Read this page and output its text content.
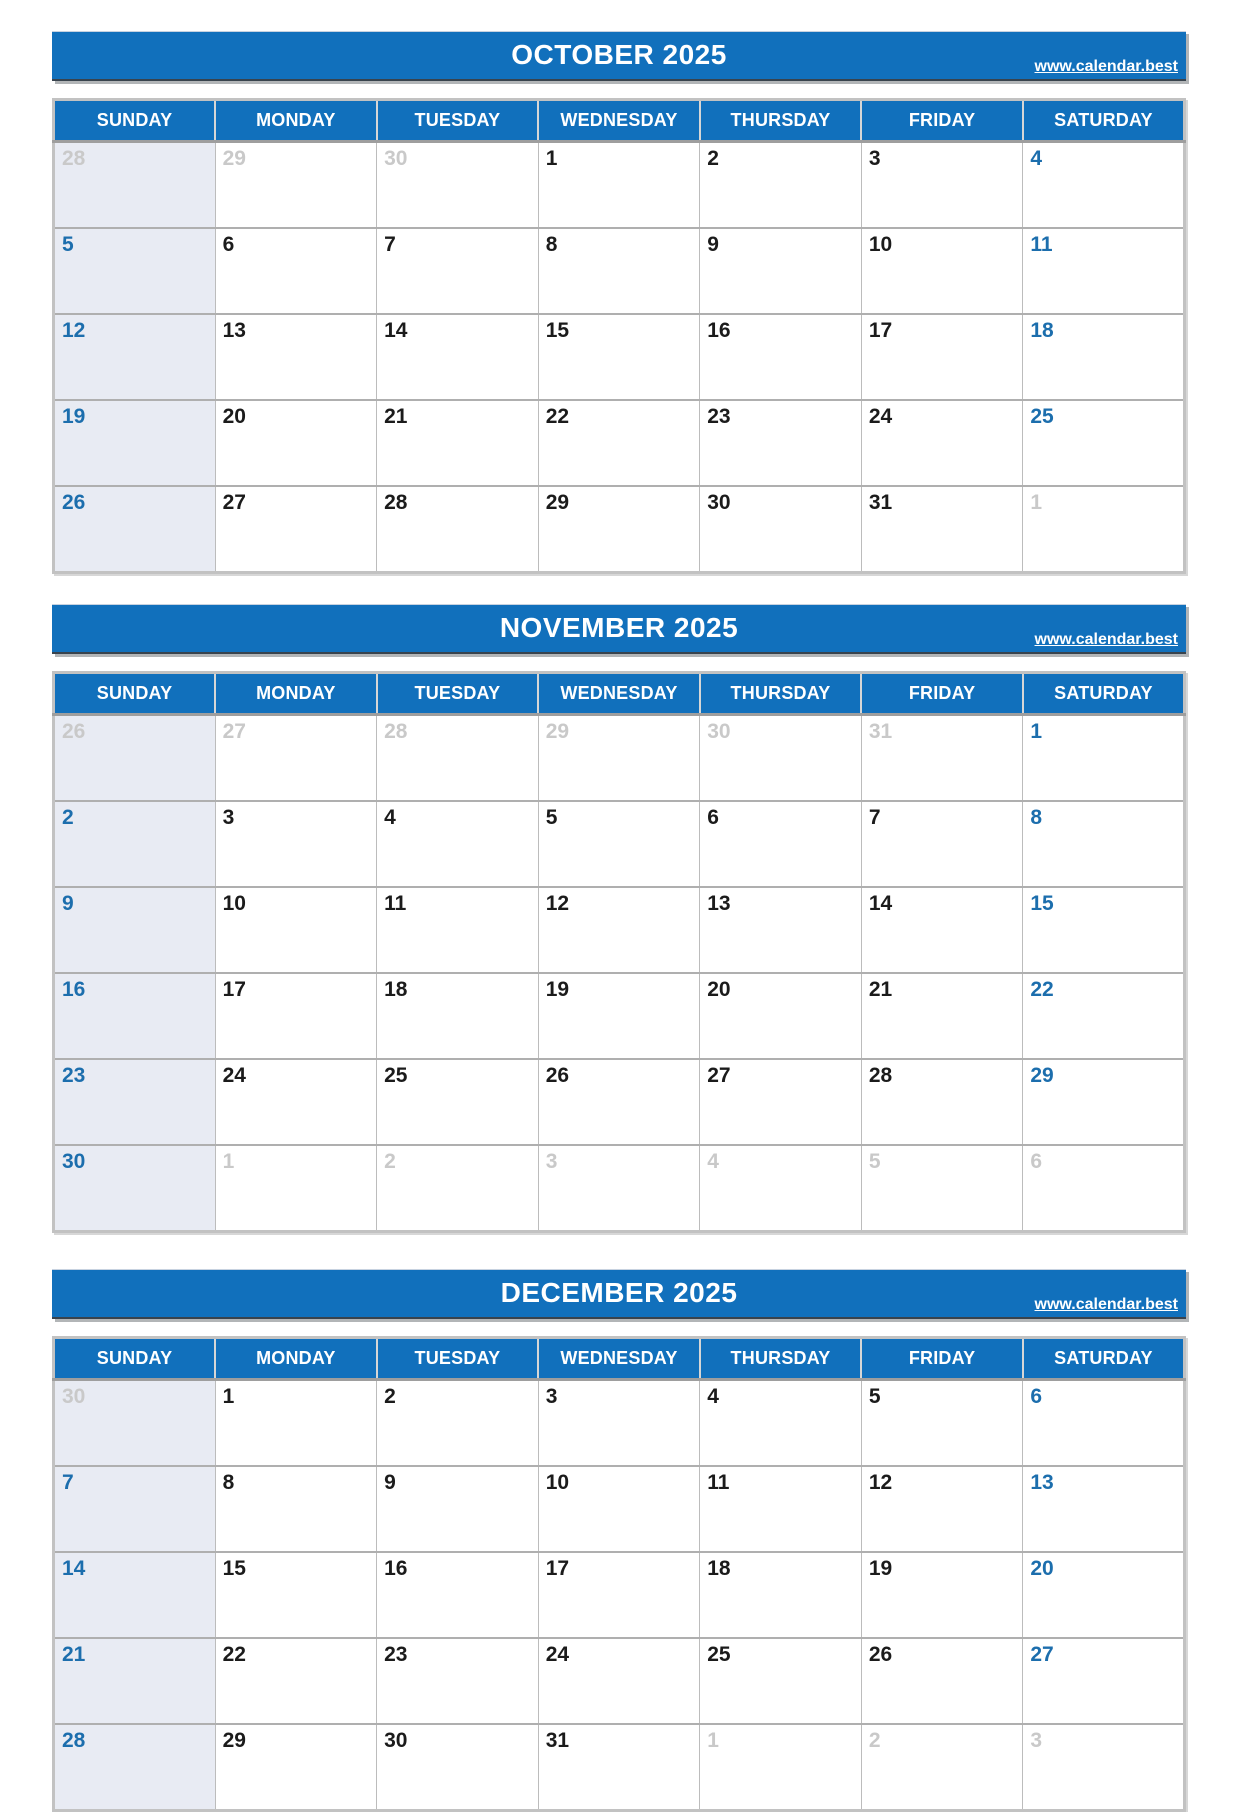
OCTOBER 2025	www.calendar.best
SUNDAY	MONDAY	TUESDAY	WEDNESDAY	THURSDAY	FRIDAY	SATURDAY
28	29	30	1	2	3	4
5	6	7	8	9	10	11
12	13	14	15	16	17	18
19	20	21	22	23	24	25
26	27	28	29	30	31	1
NOVEMBER 2025	www.calendar.best
SUNDAY	MONDAY	TUESDAY	WEDNESDAY	THURSDAY	FRIDAY	SATURDAY
26	27	28	29	30	31	1
2	3	4	5	6	7	8
9	10	11	12	13	14	15
16	17	18	19	20	21	22
23	24	25	26	27	28	29
30	1	2	3	4	5	6
DECEMBER 2025	www.calendar.best
SUNDAY	MONDAY	TUESDAY	WEDNESDAY	THURSDAY	FRIDAY	SATURDAY
30	1	2	3	4	5	6
7	8	9	10	11	12	13
14	15	16	17	18	19	20
21	22	23	24	25	26	27
28	29	30	31	1	2	3
